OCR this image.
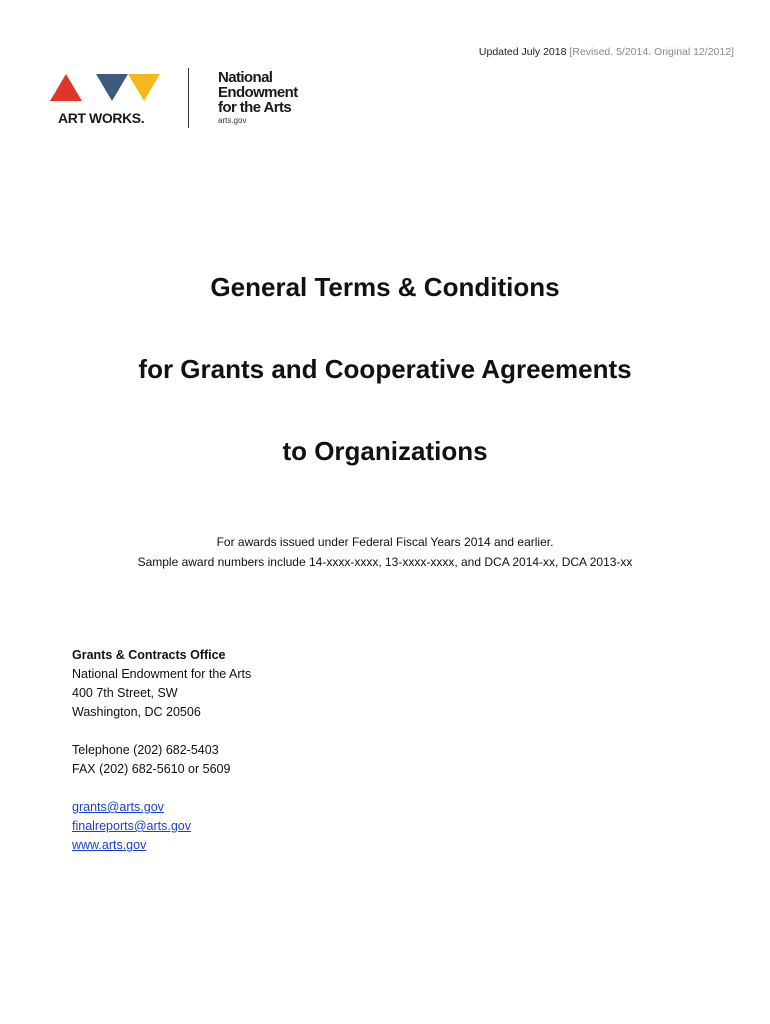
Updated July 2018 [Revised. 5/2014. Original 12/2012]
ART WORKS.
National
Endowment
for the Arts
arts.gov
General Terms & Conditions
for Grants and Cooperative Agreements
to Organizations
For awards issued under Federal Fiscal Years 2014 and earlier.
Sample award numbers include 14-xxxx-xxxx, 13-xxxx-xxxx, and DCA 2014-xx, DCA 2013-xx
Grants & Contracts Office
National Endowment for the Arts
400 7th Street, SW
Washington, DC 20506
Telephone (202) 682-5403
FAX (202) 682-5610 or 5609
grants@arts.gov
finalreports@arts.gov
www.arts.gov
